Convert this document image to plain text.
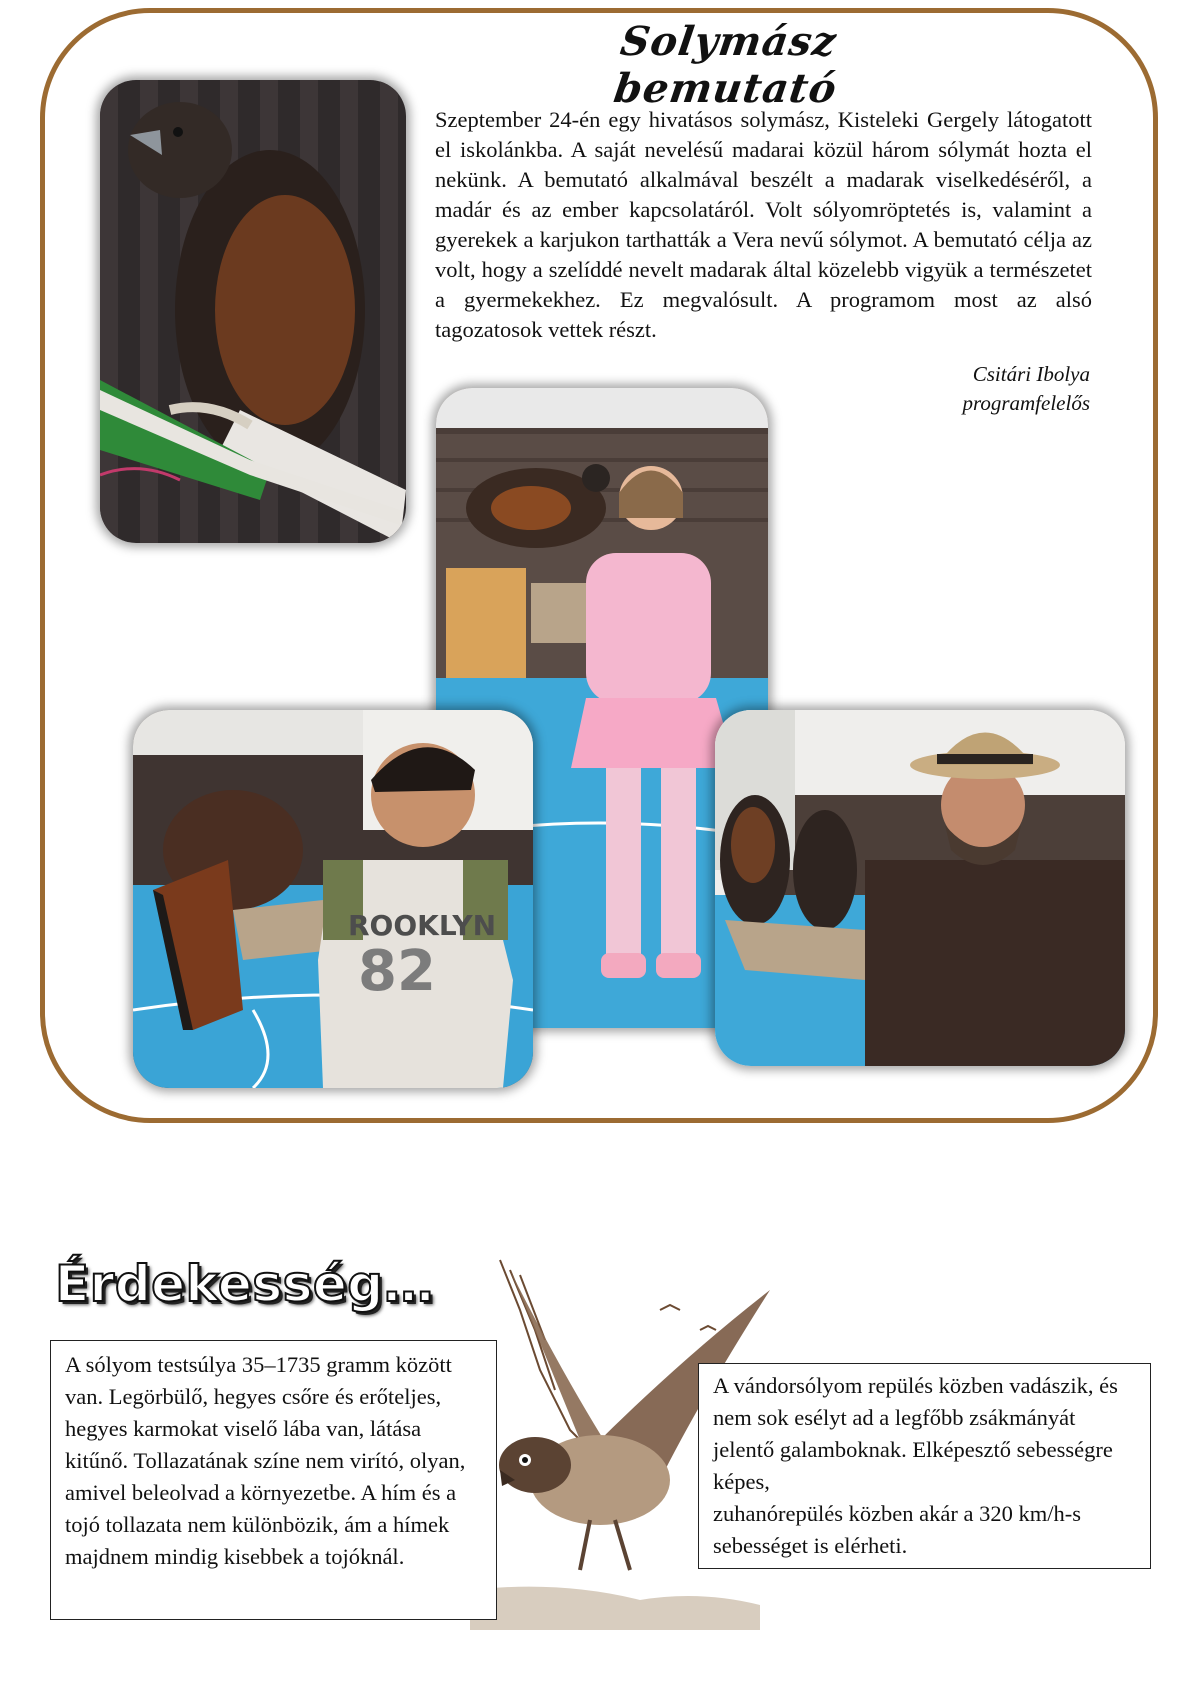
Solymász bemutató
Szeptember 24-én egy hivatásos solymász, Kisteleki Gergely látogatott el iskolánkba. A saját nevelésű madarai közül három sólymát hozta el nekünk. A bemutató alkalmával beszélt a madarak viselkedéséről, a madár és az ember kapcsolatáról. Volt sólyomröptetés is, valamint a gyerekek a karjukon tarthatták a Vera nevű sólymot. A bemutató célja az volt, hogy a szelíddé nevelt madarak által közelebb vigyük a természetet a gyermekekhez. Ez megvalósult. A programom most az alsó tagozatosok vettek részt.
Csitári Ibolya
programfelelős
ROOKLYN
82
Érdekesség…
A sólyom testsúlya 35–1735 gramm között van. Legörbülő, hegyes csőre és erőteljes, hegyes karmokat viselő lába van, látása kitűnő. Tollazatának színe nem virító, olyan, amivel beleolvad a környezetbe. A hím és a tojó tollazata nem különbözik, ám a hímek majdnem mindig kisebbek a tojóknál.
A vándorsólyom repülés közben vadászik, és nem sok esélyt ad a legfőbb zsákmányát jelentő galamboknak. Elképesztő sebességre képes,
zuhanórepülés közben akár a 320 km/h-s sebességet is elérheti.
